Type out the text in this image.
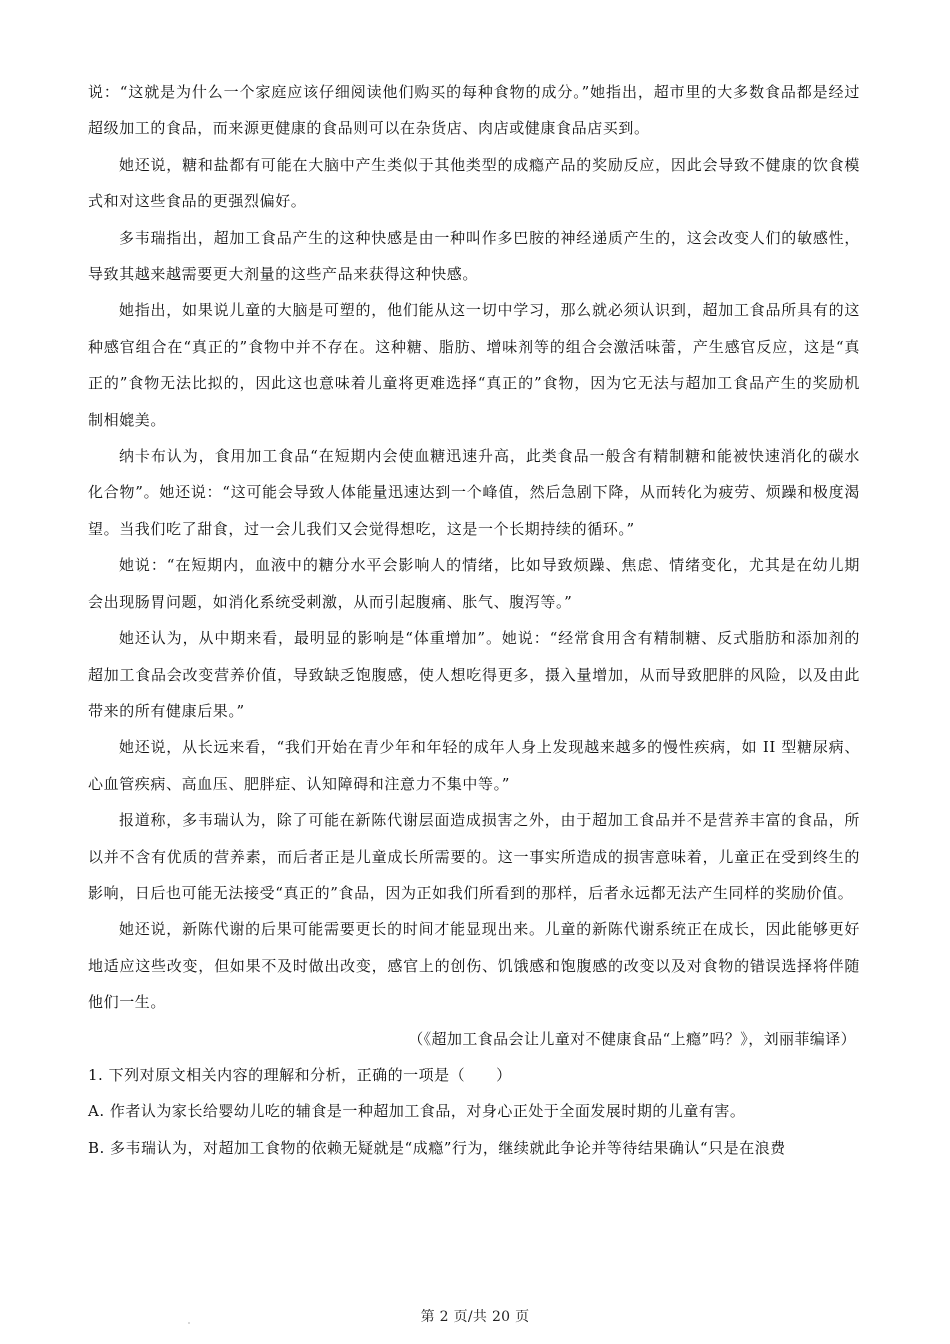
说：“这就是为什么一个家庭应该仔细阅读他们购买的每种食物的成分。”她指出，超市里的大多数食品都是经过超级加工的食品，而来源更健康的食品则可以在杂货店、肉店或健康食品店买到。

她还说，糖和盐都有可能在大脑中产生类似于其他类型的成瘾产品的奖励反应，因此会导致不健康的饮食模式和对这些食品的更强烈偏好。

多韦瑞指出，超加工食品产生的这种快感是由一种叫作多巴胺的神经递质产生的，这会改变人们的敏感性，导致其越来越需要更大剂量的这些产品来获得这种快感。

她指出，如果说儿童的大脑是可塑的，他们能从这一切中学习，那么就必须认识到，超加工食品所具有的这种感官组合在“真正的”食物中并不存在。这种糖、脂肪、增味剂等的组合会激活味蕾，产生感官反应，这是“真正的”食物无法比拟的，因此这也意味着儿童将更难选择“真正的”食物，因为它无法与超加工食品产生的奖励机制相媲美。

纳卡布认为，食用加工食品“在短期内会使血糖迅速升高，此类食品一般含有精制糖和能被快速消化的碳水化合物”。她还说：“这可能会导致人体能量迅速达到一个峰值，然后急剧下降，从而转化为疲劳、烦躁和极度渴望。当我们吃了甜食，过一会儿我们又会觉得想吃，这是一个长期持续的循环。”

她说：“在短期内，血液中的糖分水平会影响人的情绪，比如导致烦躁、焦虑、情绪变化，尤其是在幼儿期会出现肠胃问题，如消化系统受刺激，从而引起腹痛、胀气、腹泻等。”

她还认为，从中期来看，最明显的影响是“体重增加”。她说：“经常食用含有精制糖、反式脂肪和添加剂的超加工食品会改变营养价值，导致缺乏饱腹感，使人想吃得更多，摄入量增加，从而导致肥胖的风险，以及由此带来的所有健康后果。”

她还说，从长远来看，“我们开始在青少年和年轻的成年人身上发现越来越多的慢性疾病，如 II 型糖尿病、心血管疾病、高血压、肥胖症、认知障碍和注意力不集中等。”

报道称，多韦瑞认为，除了可能在新陈代谢层面造成损害之外，由于超加工食品并不是营养丰富的食品，所以并不含有优质的营养素，而后者正是儿童成长所需要的。这一事实所造成的损害意味着，儿童正在受到终生的影响，日后也可能无法接受“真正的”食品，因为正如我们所看到的那样，后者永远都无法产生同样的奖励价值。

她还说，新陈代谢的后果可能需要更长的时间才能显现出来。儿童的新陈代谢系统正在成长，因此能够更好地适应这些改变，但如果不及时做出改变，感官上的创伤、饥饿感和饱腹感的改变以及对食物的错误选择将伴随他们一生。

（《超加工食品会让儿童对不健康食品“上瘾”吗？》，刘丽菲编译）

1. 下列对原文相关内容的理解和分析，正确的一项是（　　）

A. 作者认为家长给婴幼儿吃的辅食是一种超加工食品，对身心正处于全面发展时期的儿童有害。

B. 多韦瑞认为，对超加工食物的依赖无疑就是“成瘾”行为，继续就此争论并等待结果确认“只是在浪费

第 2 页/共 20 页
